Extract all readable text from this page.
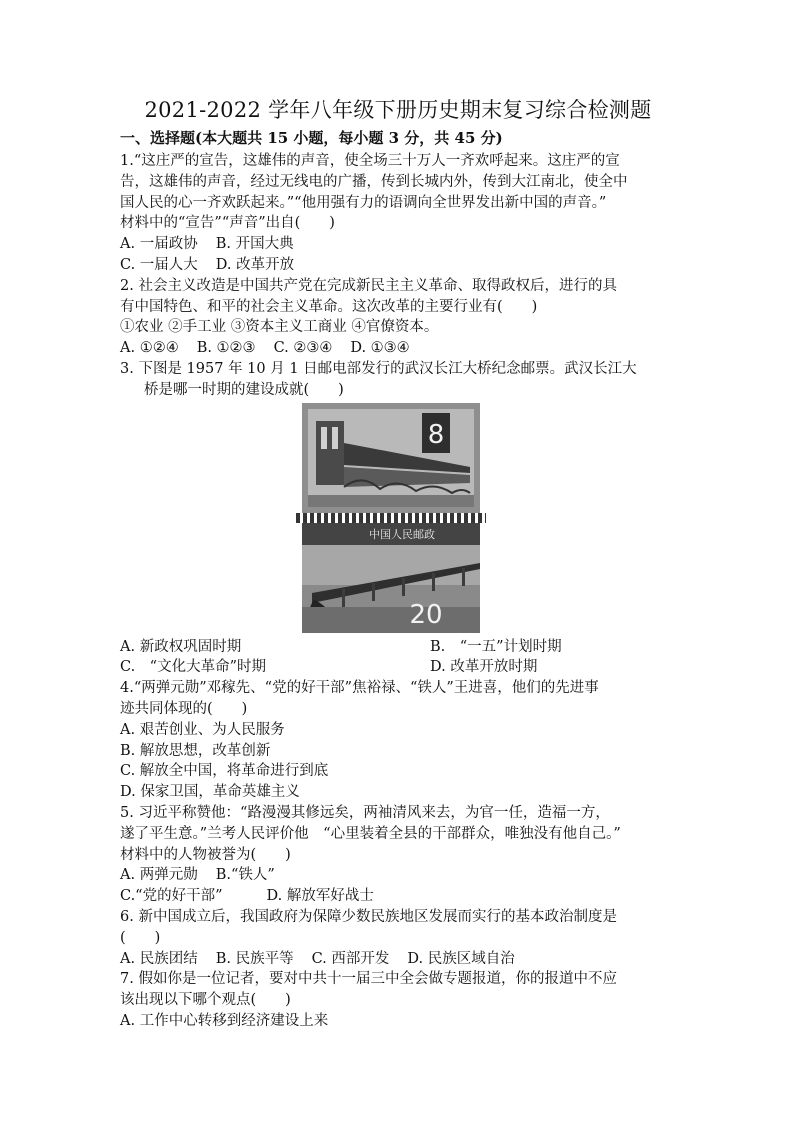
2021-2022 学年八年级下册历史期末复习综合检测题
一、选择题(本大题共 15 小题，每小题 3 分，共 45 分)
1.“这庄严的宣告，这雄伟的声音，使全场三十万人一齐欢呼起来。这庄严的宣
告，这雄伟的声音，经过无线电的广播，传到长城内外，传到大江南北，使全中
国人民的心一齐欢跃起来。”“他用强有力的语调向全世界发出新中国的声音。”
材料中的“宣告”“声音”出自(　　)
A. 一届政协 B. 开国大典
C. 一届人大 D. 改革开放
2. 社会主义改造是中国共产党在完成新民主主义革命、取得政权后，进行的具
有中国特色、和平的社会主义革命。这次改革的主要行业有(　　)
①农业 ②手工业 ③资本主义工商业 ④官僚资本。
A. ①②④ B. ①②③ C. ②③④ D. ①③④
3. 下图是 1957 年 10 月 1 日邮电部发行的武汉长江大桥纪念邮票。武汉长江大
桥是哪一时期的建设成就(　　)
8
中国人民邮政
20
A. 新政权巩固时期	B.　“一五”计划时期
C.　“文化大革命”时期	D. 改革开放时期
4.“两弹元勋”邓稼先、“党的好干部”焦裕禄、“铁人”王进喜，他们的先进事
迹共同体现的(　　)
A. 艰苦创业、为人民服务
B. 解放思想，改革创新
C. 解放全中国，将革命进行到底
D. 保家卫国，革命英雄主义
5. 习近平称赞他：“路漫漫其修远矣，两袖清风来去，为官一任，造福一方，
遂了平生意。”兰考人民评价他　“心里装着全县的干部群众，唯独没有他自己。”
材料中的人物被誉为(　　)
A. 两弹元勋 B.“铁人”
C.“党的好干部”	D. 解放军好战士
6. 新中国成立后，我国政府为保障少数民族地区发展而实行的基本政治制度是
(　　)
A. 民族团结 B. 民族平等 C. 西部开发 D. 民族区域自治
7. 假如你是一位记者，要对中共十一届三中全会做专题报道，你的报道中不应
该出现以下哪个观点(　　)
A. 工作中心转移到经济建设上来
